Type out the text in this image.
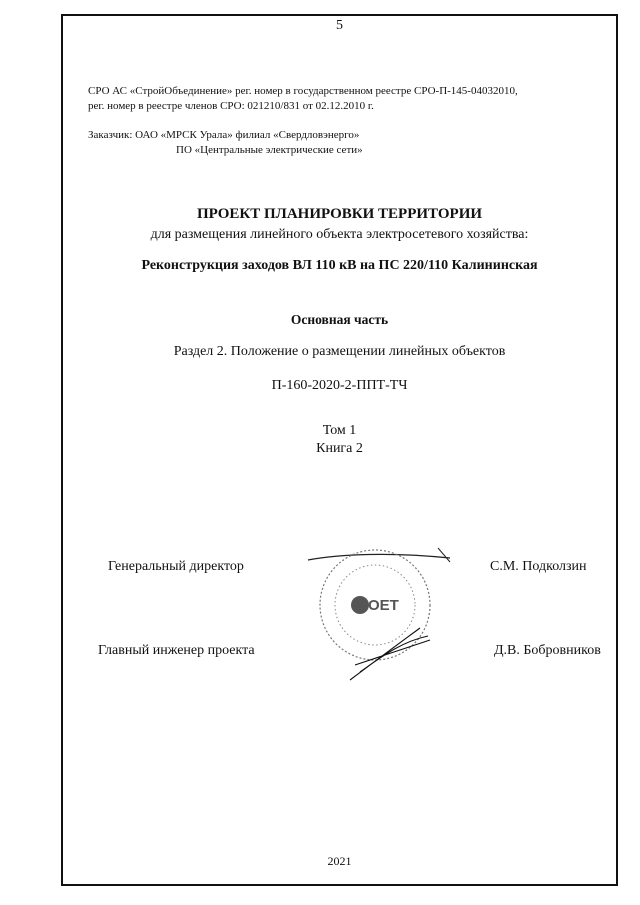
5
СРО АС «СтройОбъединение» рег. номер в государственном реестре СРО-П-145-04032010,
рег. номер в реестре членов СРО: 021210/831 от 02.12.2010 г.
Заказчик: ОАО «МРСК Урала» филиал «Свердловэнерго»
ПО «Центральные электрические сети»
ПРОЕКТ ПЛАНИРОВКИ ТЕРРИТОРИИ
для размещения линейного объекта электросетевого хозяйства:
Реконструкция заходов ВЛ 110 кВ на ПС 220/110 Калининская
Основная часть
Раздел 2. Положение о размещении линейных объектов
П-160-2020-2-ППТ-ТЧ
Том 1
Книга 2
Генеральный директор	С.М. Подколзин
Главный инженер проекта	Д.В. Бобровников
ОЕТ
2021
